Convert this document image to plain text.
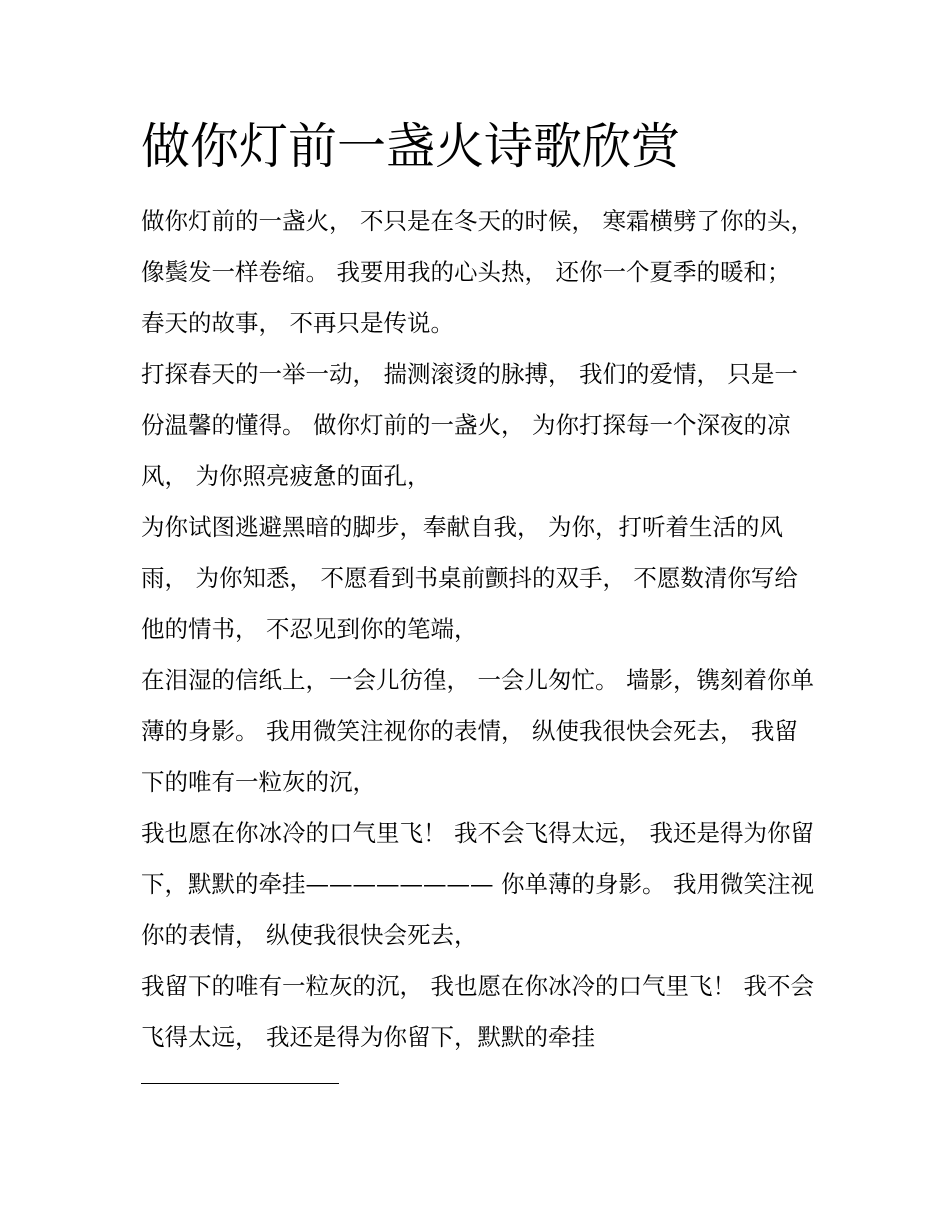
做你灯前一盏火诗歌欣赏

做你灯前的一盏火， 不只是在冬天的时候， 寒霜横劈了你的头， 像鬓发一样卷缩。 我要用我的心头热， 还你一个夏季的暖和； 春天的故事， 不再只是传说。

打探春天的一举一动， 揣测滚烫的脉搏， 我们的爱情， 只是一份温馨的懂得。 做你灯前的一盏火， 为你打探每一个深夜的凉风， 为你照亮疲惫的面孔，

为你试图逃避黑暗的脚步，奉献自我， 为你，打听着生活的风雨， 为你知悉， 不愿看到书桌前颤抖的双手， 不愿数清你写给他的情书， 不忍见到你的笔端，

在泪湿的信纸上，一会儿彷徨， 一会儿匆忙。 墙影，镌刻着你单薄的身影。 我用微笑注视你的表情， 纵使我很快会死去， 我留下的唯有一粒灰的沉，

我也愿在你冰冷的口气里飞！ 我不会飞得太远， 我还是得为你留下，默默的牵挂———————— 你单薄的身影。 我用微笑注视你的表情， 纵使我很快会死去，

我留下的唯有一粒灰的沉， 我也愿在你冰冷的口气里飞！ 我不会飞得太远， 我还是得为你留下，默默的牵挂
